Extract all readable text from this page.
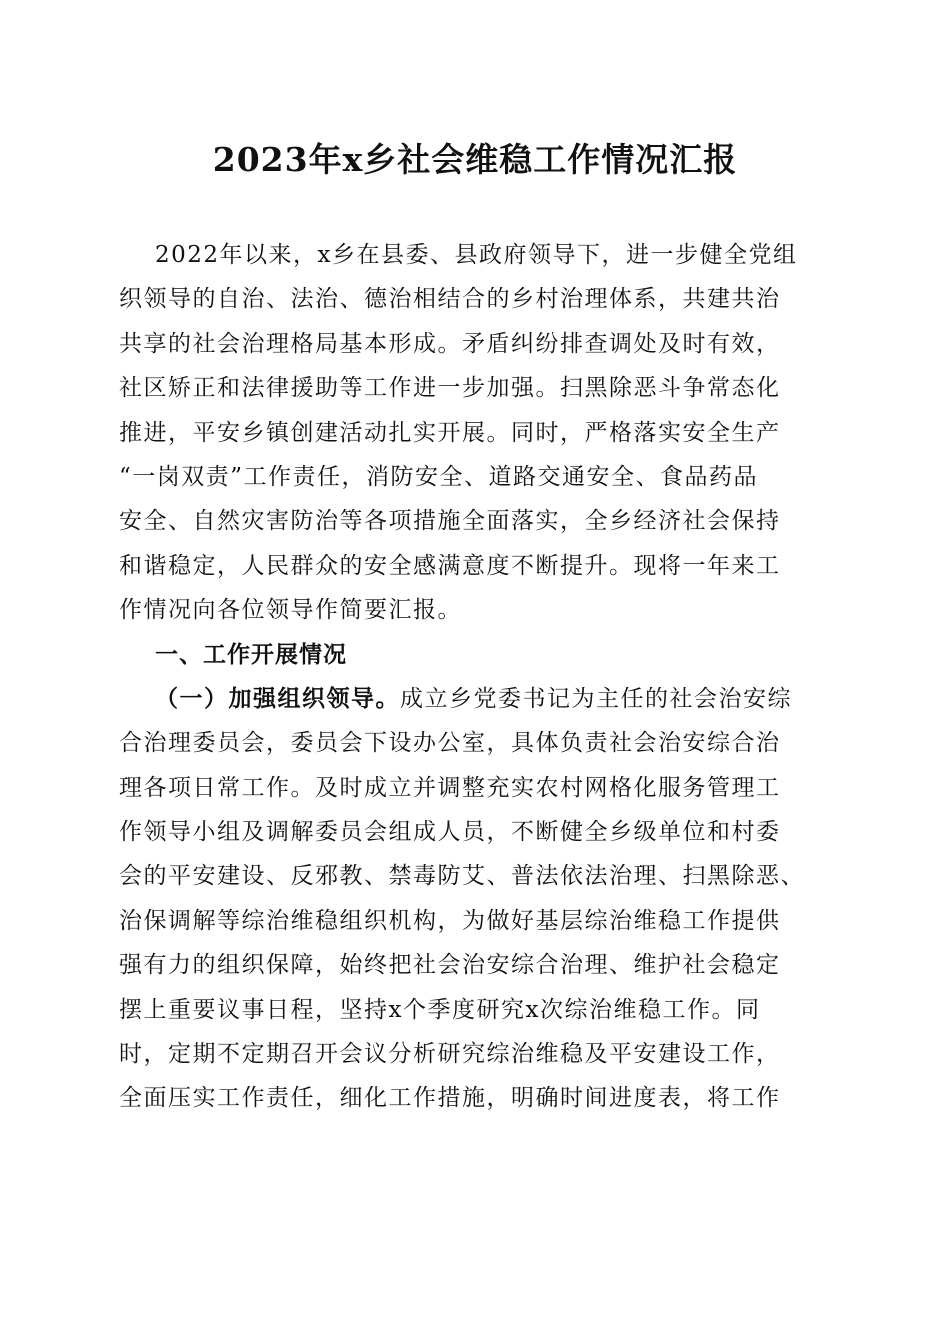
2023年x乡社会维稳工作情况汇报
2022年以来，x乡在县委、县政府领导下，进一步健全党组
织领导的自治、法治、德治相结合的乡村治理体系，共建共治
共享的社会治理格局基本形成。矛盾纠纷排查调处及时有效，
社区矫正和法律援助等工作进一步加强。扫黑除恶斗争常态化
推进，平安乡镇创建活动扎实开展。同时，严格落实安全生产
“一岗双责”工作责任，消防安全、道路交通安全、食品药品
安全、自然灾害防治等各项措施全面落实，全乡经济社会保持
和谐稳定，人民群众的安全感满意度不断提升。现将一年来工
作情况向各位领导作简要汇报。
一、工作开展情况
（一）加强组织领导。成立乡党委书记为主任的社会治安综
合治理委员会，委员会下设办公室，具体负责社会治安综合治
理各项日常工作。及时成立并调整充实农村网格化服务管理工
作领导小组及调解委员会组成人员，不断健全乡级单位和村委
会的平安建设、反邪教、禁毒防艾、普法依法治理、扫黑除恶、
治保调解等综治维稳组织机构，为做好基层综治维稳工作提供
强有力的组织保障，始终把社会治安综合治理、维护社会稳定
摆上重要议事日程，坚持x个季度研究x次综治维稳工作。同
时，定期不定期召开会议分析研究综治维稳及平安建设工作，
全面压实工作责任，细化工作措施，明确时间进度表，将工作
